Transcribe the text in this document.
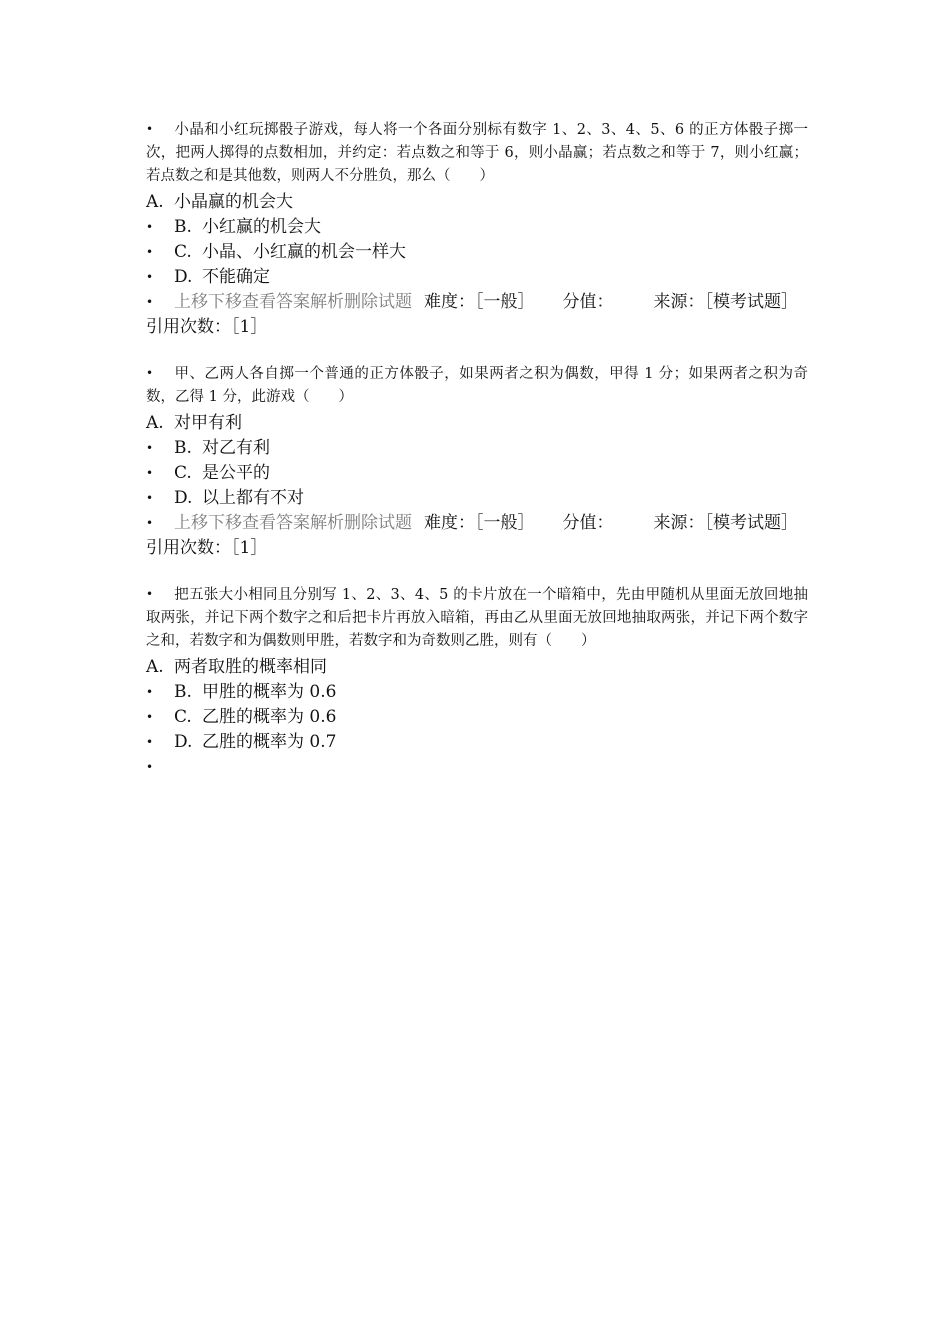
• 小晶和小红玩掷骰子游戏，每人将一个各面分别标有数字 1、2、3、4、5、6 的正方体骰子掷一次，把两人掷得的点数相加，并约定：若点数之和等于 6，则小晶赢；若点数之和等于 7，则小红赢；若点数之和是其他数，则两人不分胜负，那么（　　）

A. 小晶赢的机会大
• B. 小红赢的机会大
• C. 小晶、小红赢的机会一样大
• D. 不能确定
• 上移下移查看答案解析删除试题 难度：［一般］ 分值： 来源：［模考试题］ 引用次数：［1］

• 甲、乙两人各自掷一个普通的正方体骰子，如果两者之积为偶数，甲得 1 分；如果两者之积为奇数，乙得 1 分，此游戏（　　）

A. 对甲有利
• B. 对乙有利
• C. 是公平的
• D. 以上都有不对
• 上移下移查看答案解析删除试题 难度：［一般］ 分值： 来源：［模考试题］ 引用次数：［1］

• 把五张大小相同且分别写 1、2、3、4、5 的卡片放在一个暗箱中，先由甲随机从里面无放回地抽取两张，并记下两个数字之和后把卡片再放入暗箱，再由乙从里面无放回地抽取两张，并记下两个数字之和，若数字和为偶数则甲胜，若数字和为奇数则乙胜，则有（　　）

A. 两者取胜的概率相同
• B. 甲胜的概率为 0.6
• C. 乙胜的概率为 0.6
• D. 乙胜的概率为 0.7
•
